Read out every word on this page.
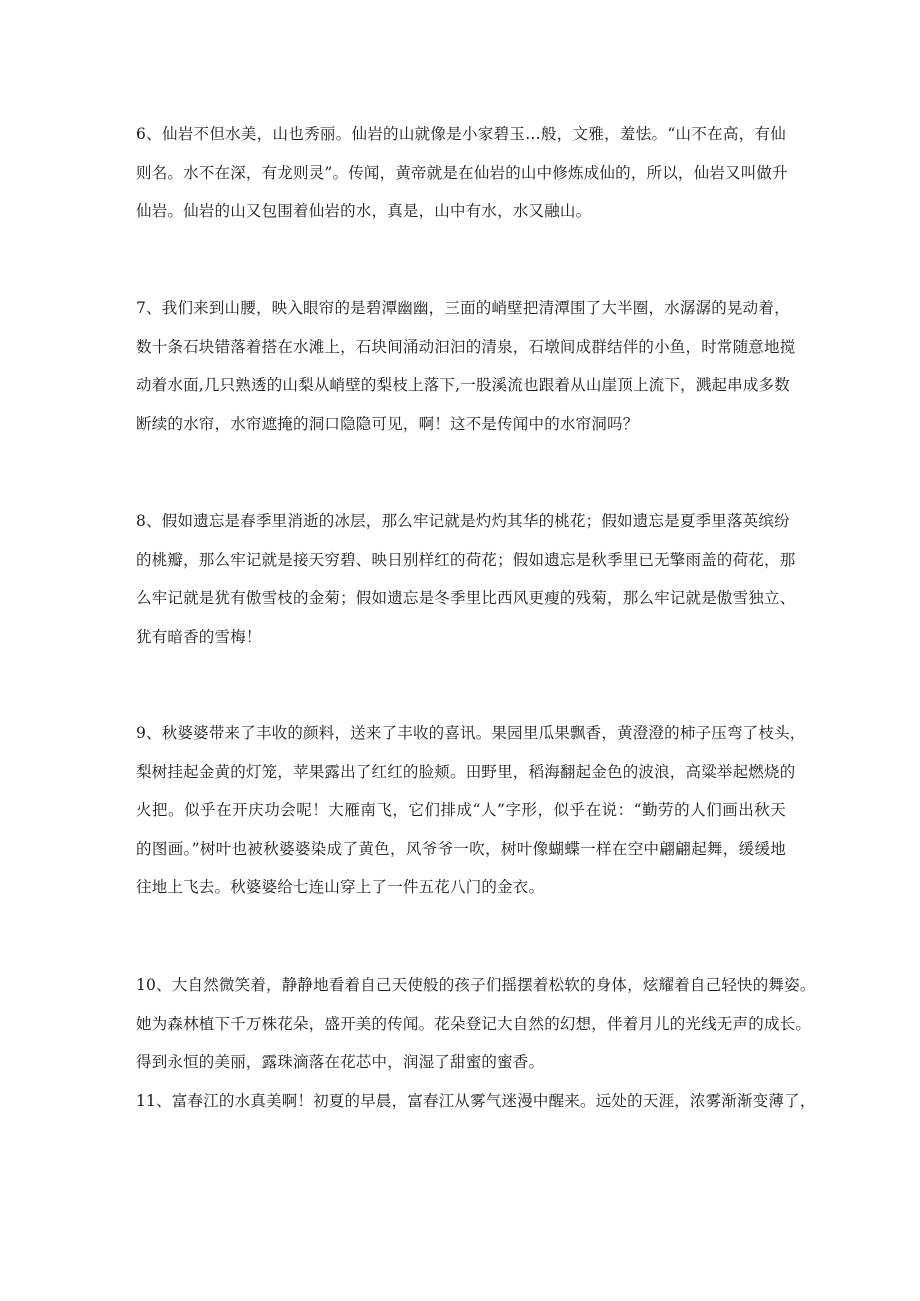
6、仙岩不但水美，山也秀丽。仙岩的山就像是小家碧玉…般，文雅，羞怯。“山不在高，有仙
则名。水不在深，有龙则灵”。传闻，黄帝就是在仙岩的山中修炼成仙的，所以，仙岩又叫做升
仙岩。仙岩的山又包围着仙岩的水，真是，山中有水，水又融山。
7、我们来到山腰，映入眼帘的是碧潭幽幽，三面的峭壁把清潭围了大半圈，水潺潺的晃动着，
数十条石块错落着搭在水滩上，石块间涌动汩汩的清泉，石墩间成群结伴的小鱼，时常随意地搅
动着水面,几只熟透的山梨从峭壁的梨枝上落下,一股溪流也跟着从山崖顶上流下，溅起串成多数
断续的水帘，水帘遮掩的洞口隐隐可见，啊！这不是传闻中的水帘洞吗？
8、假如遗忘是春季里消逝的冰层，那么牢记就是灼灼其华的桃花；假如遗忘是夏季里落英缤纷
的桃瓣，那么牢记就是接天穷碧、映日别样红的荷花；假如遗忘是秋季里已无擎雨盖的荷花，那
么牢记就是犹有傲雪枝的金菊；假如遗忘是冬季里比西风更瘦的残菊，那么牢记就是傲雪独立、
犹有暗香的雪梅！
9、秋婆婆带来了丰收的颜料，送来了丰收的喜讯。果园里瓜果飘香，黄澄澄的柿子压弯了枝头，
梨树挂起金黄的灯笼，苹果露出了红红的脸颊。田野里，稻海翻起金色的波浪，高粱举起燃烧的
火把。似乎在开庆功会呢！大雁南飞，它们排成“人”字形，似乎在说：“勤劳的人们画出秋天
的图画。”树叶也被秋婆婆染成了黄色，风爷爷一吹，树叶像蝴蝶一样在空中翩翩起舞，缓缓地
往地上飞去。秋婆婆给七连山穿上了一件五花八门的金衣。
10、大自然微笑着，静静地看着自己天使般的孩子们摇摆着松软的身体，炫耀着自己轻快的舞姿。
她为森林植下千万株花朵，盛开美的传闻。花朵登记大自然的幻想，伴着月儿的光线无声的成长。
得到永恒的美丽，露珠滴落在花芯中，润湿了甜蜜的蜜香。
11、富春江的水真美啊！初夏的早晨，富春江从雾气迷漫中醒来。远处的天涯，浓雾渐渐变薄了，
